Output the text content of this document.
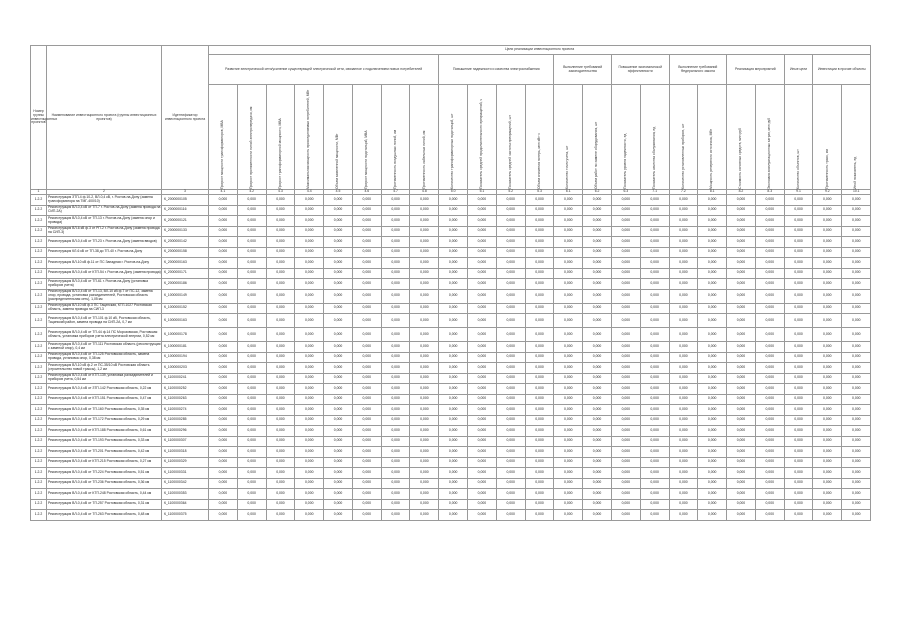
Номер группы инвестиционных проектов	Наименование инвестиционного проекта (группы инвестиционных проектов)	Идентификатор инвестиционного проекта	Цели реализации инвестиционного проекта																						
			Развитие электрической сети/усиление существующей электрической сети, связанное с подключением новых потребителей								Повышение надежности и качества электроснабжения				Выполнение требований законодательства		Повышение экономической эффективности		Выполнение требований Федерального закона		Реализация мероприятий		Иные цели	Инвестиции в прочие объекты	

			Прирост мощности трансформаторов, МВА	Прирост протяженности линий электропередачи, км	Прирост трансформаторной мощности, МВА	Максимальная мощность присоединяемых потребителей, МВт	Объем заявленной мощности, МВт	Прирост мощности подстанций, МВА	Протяженность воздушных линий, км	Протяженность кабельных линий, км	Количество трансформаторных подстанций, шт	Показатель средней продолжительности прекращений, ч	Показатель средней частоты прекращений, шт	Объем снижения потерь, млн кВт·ч	Количество точек учета, шт	Объем работ по замене оборудования, шт	Показатель уровня надежности, ед	Показатель качества обслуживания, ед	Количество установленных приборов, шт	Мощность резервного источника, МВт	Стоимость основных средств, млн руб	Экономия эксплуатационных затрат, млн руб	Количество объектов, шт	Протяженность трасс, км	Иной показатель, ед

1	2	3	4.1	4.2	4.3	4.4	4.5	4.6	4.7	4.8	5.0	5.1	5.2	5.3	6.1	6.2	6.3	7.1	7.2	8.1	8.2	8.3	9.1	9.2	10.1
1.2.2	Реконструкция ЗТП-4 ф.10-2, ВЛ-0,4 кВ, г. Ростов-на-Дону (замена трансформатора на ТМГ-400/10)	К_2000000105	0,000	0,000	0,000	0,000	0,000	0,000	0,000	0,000	0,000	0,000	0,000	0,000	0,000	0,000	0,000	0,000	0,000	0,000	0,000	0,000	0,000	0,000	0,000
1.2.2	Реконструкция ВЛ-0,4 кВ от ТП-7 г. Ростов-на-Дону (замена провода на СИП-2А)	К_2000000116	0,000	0,000	0,000	0,000	0,000	0,000	0,000	0,000	0,000	0,000	0,000	0,000	0,000	0,000	0,000	0,000	0,000	0,000	0,000	0,000	0,000	0,000	0,000
1.2.2	Реконструкция ВЛ-0,4 кВ от ТП-13 г. Ростов-на-Дону (замена опор и провода)	К_2000000121	0,000	0,000	0,000	0,000	0,000	0,000	0,000	0,000	0,000	0,000	0,000	0,000	0,000	0,000	0,000	0,000	0,000	0,000	0,000	0,000	0,000	0,000	0,000
1.2.2	Реконструкция ВЛ-6 кВ ф.3 от РП-2 г. Ростов-на-Дону (замена провода на СИП-3)	К_2000000133	0,000	0,000	0,000	0,000	0,000	0,000	0,000	0,000	0,000	0,000	0,000	0,000	0,000	0,000	0,000	0,000	0,000	0,000	0,000	0,000	0,000	0,000	0,000
1.2.2	Реконструкция ВЛ-0,4 кВ от ТП-23 г. Ростов-на-Дону (замена вводов)	К_2000000142	0,000	0,000	0,000	0,000	0,000	0,000	0,000	0,000	0,000	0,000	0,000	0,000	0,000	0,000	0,000	0,000	0,000	0,000	0,000	0,000	0,000	0,000	0,000
1.2.2	Реконструкция КЛ-6 кВ от ТП-38 до ТП-40 г. Ростов-на-Дону	К_2000000158	0,000	0,000	0,000	0,000	0,000	0,000	0,000	0,000	0,000	0,000	0,000	0,000	0,000	0,000	0,000	0,000	0,000	0,000	0,000	0,000	0,000	0,000	0,000
1.2.2	Реконструкция ВЛ-10 кВ ф.11 от ПС Западная г. Ростов-на-Дону	К_2000000163	0,000	0,000	0,000	0,000	0,000	0,000	0,000	0,000	0,000	0,000	0,000	0,000	0,000	0,000	0,000	0,000	0,000	0,000	0,000	0,000	0,000	0,000	0,000
1.2.2	Реконструкция ВЛ-0,4 кВ от КТП-54 г. Ростов-на-Дону (замена провода)	К_2000000171	0,000	0,000	0,000	0,000	0,000	0,000	0,000	0,000	0,000	0,000	0,000	0,000	0,000	0,000	0,000	0,000	0,000	0,000	0,000	0,000	0,000	0,000	0,000
1.2.2	Реконструкция ВЛ-0,4 кВ от ТП-61 г. Ростов-на-Дону (установка приборов учета)	К_2000000186	0,000	0,000	0,000	0,000	0,000	0,000	0,000	0,000	0,000	0,000	0,000	0,000	0,000	0,000	0,000	0,000	0,000	0,000	0,000	0,000	0,000	0,000	0,000
1.2.2	Реконструкция ВЛ-0,4 кВ от ТП-13, ВЛ-10 кВ ф.7 от ПС-12, замена опор, провода, установка разъединителей, Ростовская область (распределительная сеть), 1,05 км	К_1000000149	0,000	0,000	0,000	0,000	0,000	0,000	0,000	0,000	0,000	0,000	0,000	0,000	0,000	0,000	0,000	0,000	0,000	0,000	0,000	0,000	0,000	0,000	0,000
1.2.2	Реконструкция ВЛ-10 кВ ф.3 ПС Тацинская, КТП-1027 Ростовская область, замена провода на СИП-3	К_1000000152	0,000	0,000	0,000	0,000	0,000	0,000	0,000	0,000	0,000	0,000	0,000	0,000	0,000	0,000	0,000	0,000	0,000	0,000	0,000	0,000	0,000	0,000	0,000
1.2.2	Реконструкция ВЛ-0,4 кВ от ТП-101 ф.10 кВ, Ростовская область, Тацинский район, замена провода на СИП-2А, 0,7 км	К_1000000163	0,000	0,000	0,000	0,000	0,000	0,000	0,000	0,000	0,000	0,000	0,000	0,000	0,000	0,000	0,000	0,000	0,000	0,000	0,000	0,000	0,000	0,000	0,000
1.2.2	Реконструкция ВЛ-0,4 кВ от ТП-44 ф.14 ПС Морозовская, Ростовская область, установка приборов учета электрической энергии, 0,52 км	К_1000000178	0,000	0,000	0,000	0,000	0,000	0,000	0,000	0,000	0,000	0,000	0,000	0,000	0,000	0,000	0,000	0,000	0,000	0,000	0,000	0,000	0,000	0,000	0,000
1.2.2	Реконструкция ВЛ-0,4 кВ от ТП-111 Ростовская область (реконструкция с заменой опор), 0,4 км	К_1000000181	0,000	0,000	0,000	0,000	0,000	0,000	0,000	0,000	0,000	0,000	0,000	0,000	0,000	0,000	0,000	0,000	0,000	0,000	0,000	0,000	0,000	0,000	0,000
1.2.2	Реконструкция ВЛ-0,4 кВ от ТП-125 Ростовская область, замена провода, установка опор, 0,38 км	К_1000000194	0,000	0,000	0,000	0,000	0,000	0,000	0,000	0,000	0,000	0,000	0,000	0,000	0,000	0,000	0,000	0,000	0,000	0,000	0,000	0,000	0,000	0,000	0,000
1.2.2	Реконструкция ВЛ-10 кВ ф.2 от ПС-35/10 кВ Ростовская область (строительство новой трассы), 1,2 км	К_1000000203	0,000	0,000	0,000	0,000	0,000	0,000	0,000	0,000	0,000	0,000	0,000	0,000	0,000	0,000	0,000	0,000	0,000	0,000	0,000	0,000	0,000	0,000	0,000
1.2.2	Реконструкция ВЛ-0,4 кВ от КТП-139, установка разъединителей и приборов учета, 0,54 км	К_1100000241	0,000	0,000	0,000	0,000	0,000	0,000	0,000	0,000	0,000	0,000	0,000	0,000	0,000	0,000	0,000	0,000	0,000	0,000	0,000	0,000	0,000	0,000	0,000
1.2.2	Реконструкция ВЛ-0,4 кВ от ЗТП-142 Ростовская область, 0,22 км	К_1100000252	0,000	0,000	0,000	0,000	0,000	0,000	0,000	0,000	0,000	0,000	0,000	0,000	0,000	0,000	0,000	0,000	0,000	0,000	0,000	0,000	0,000	0,000	0,000
1.2.2	Реконструкция ВЛ-0,4 кВ от КТП-151 Ростовская область, 0,47 км	К_1100000263	0,000	0,000	0,000	0,000	0,000	0,000	0,000	0,000	0,000	0,000	0,000	0,000	0,000	0,000	0,000	0,000	0,000	0,000	0,000	0,000	0,000	0,000	0,000
1.2.2	Реконструкция ВЛ-0,4 кВ от ТП-160 Ростовская область, 0,35 км	К_1100000274	0,000	0,000	0,000	0,000	0,000	0,000	0,000	0,000	0,000	0,000	0,000	0,000	0,000	0,000	0,000	0,000	0,000	0,000	0,000	0,000	0,000	0,000	0,000
1.2.2	Реконструкция ВЛ-0,4 кВ от ТП-172 Ростовская область, 0,29 км	К_1100000285	0,000	0,000	0,000	0,000	0,000	0,000	0,000	0,000	0,000	0,000	0,000	0,000	0,000	0,000	0,000	0,000	0,000	0,000	0,000	0,000	0,000	0,000	0,000
1.2.2	Реконструкция ВЛ-0,4 кВ от КТП-188 Ростовская область, 0,61 км	К_1100000296	0,000	0,000	0,000	0,000	0,000	0,000	0,000	0,000	0,000	0,000	0,000	0,000	0,000	0,000	0,000	0,000	0,000	0,000	0,000	0,000	0,000	0,000	0,000
1.2.2	Реконструкция ВЛ-0,4 кВ от ТП-193 Ростовская область, 0,33 км	К_1100000307	0,000	0,000	0,000	0,000	0,000	0,000	0,000	0,000	0,000	0,000	0,000	0,000	0,000	0,000	0,000	0,000	0,000	0,000	0,000	0,000	0,000	0,000	0,000
1.2.2	Реконструкция ВЛ-0,4 кВ от ТП-201 Ростовская область, 0,42 км	К_1100000318	0,000	0,000	0,000	0,000	0,000	0,000	0,000	0,000	0,000	0,000	0,000	0,000	0,000	0,000	0,000	0,000	0,000	0,000	0,000	0,000	0,000	0,000	0,000
1.2.2	Реконструкция ВЛ-0,4 кВ от КТП-215 Ростовская область, 0,27 км	К_1100000329	0,000	0,000	0,000	0,000	0,000	0,000	0,000	0,000	0,000	0,000	0,000	0,000	0,000	0,000	0,000	0,000	0,000	0,000	0,000	0,000	0,000	0,000	0,000
1.2.2	Реконструкция ВЛ-0,4 кВ от ТП-224 Ростовская область, 0,51 км	К_1100000331	0,000	0,000	0,000	0,000	0,000	0,000	0,000	0,000	0,000	0,000	0,000	0,000	0,000	0,000	0,000	0,000	0,000	0,000	0,000	0,000	0,000	0,000	0,000
1.2.2	Реконструкция ВЛ-0,4 кВ от ТП-236 Ростовская область, 0,36 км	К_1100000342	0,000	0,000	0,000	0,000	0,000	0,000	0,000	0,000	0,000	0,000	0,000	0,000	0,000	0,000	0,000	0,000	0,000	0,000	0,000	0,000	0,000	0,000	0,000
1.2.2	Реконструкция ВЛ-0,4 кВ от КТП-248 Ростовская область, 0,44 км	К_1100000353	0,000	0,000	0,000	0,000	0,000	0,000	0,000	0,000	0,000	0,000	0,000	0,000	0,000	0,000	0,000	0,000	0,000	0,000	0,000	0,000	0,000	0,000	0,000
1.2.2	Реконструкция ВЛ-0,4 кВ от ТП-257 Ростовская область, 0,31 км	К_1100000364	0,000	0,000	0,000	0,000	0,000	0,000	0,000	0,000	0,000	0,000	0,000	0,000	0,000	0,000	0,000	0,000	0,000	0,000	0,000	0,000	0,000	0,000	0,000
1.2.2	Реконструкция ВЛ-0,4 кВ от ТП-263 Ростовская область, 0,48 км	К_1100000375	0,000	0,000	0,000	0,000	0,000	0,000	0,000	0,000	0,000	0,000	0,000	0,000	0,000	0,000	0,000	0,000	0,000	0,000	0,000	0,000	0,000	0,000	0,000
